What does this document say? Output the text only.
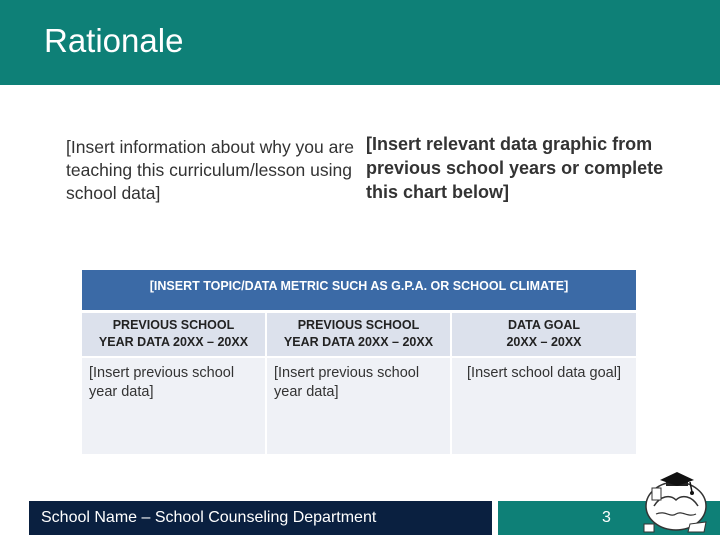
Rationale
[Insert information about why you are teaching this curriculum/lesson using school data]
[Insert relevant data graphic from previous school years or complete this chart below]
[INSERT TOPIC/DATA METRIC SUCH AS G.P.A. OR SCHOOL CLIMATE]
PREVIOUS SCHOOL
YEAR DATA 20XX – 20XX
PREVIOUS SCHOOL
YEAR DATA 20XX – 20XX
DATA GOAL
20XX – 20XX
[Insert previous school year data]
[Insert previous school year data]
[Insert school data goal]
School Name – School Counseling Department	3
